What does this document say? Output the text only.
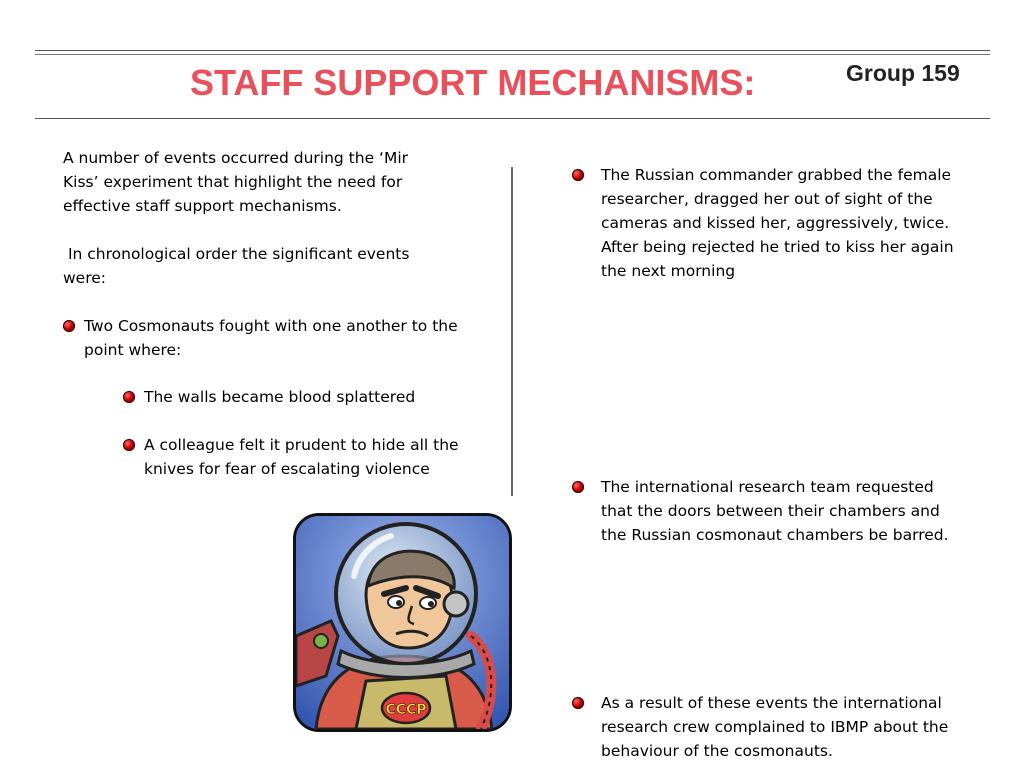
STAFF SUPPORT MECHANISMS:	Group 159

A number of events occurred during the ‘Mir Kiss’ experiment that highlight the need for effective staff support mechanisms.

In chronological order the significant events were:

Two Cosmonauts fought with one another to the point where:
The walls became blood splattered
A colleague felt it prudent to hide all the knives for fear of escalating violence
The Russian commander grabbed the female researcher, dragged her out of sight of the cameras and kissed her, aggressively, twice. After being rejected he tried to kiss her again the next morning
The international research team requested that the doors between their chambers and the Russian cosmonaut chambers be barred.
As a result of these events the international research crew complained to IBMP about the behaviour of the cosmonauts.
CCCP
